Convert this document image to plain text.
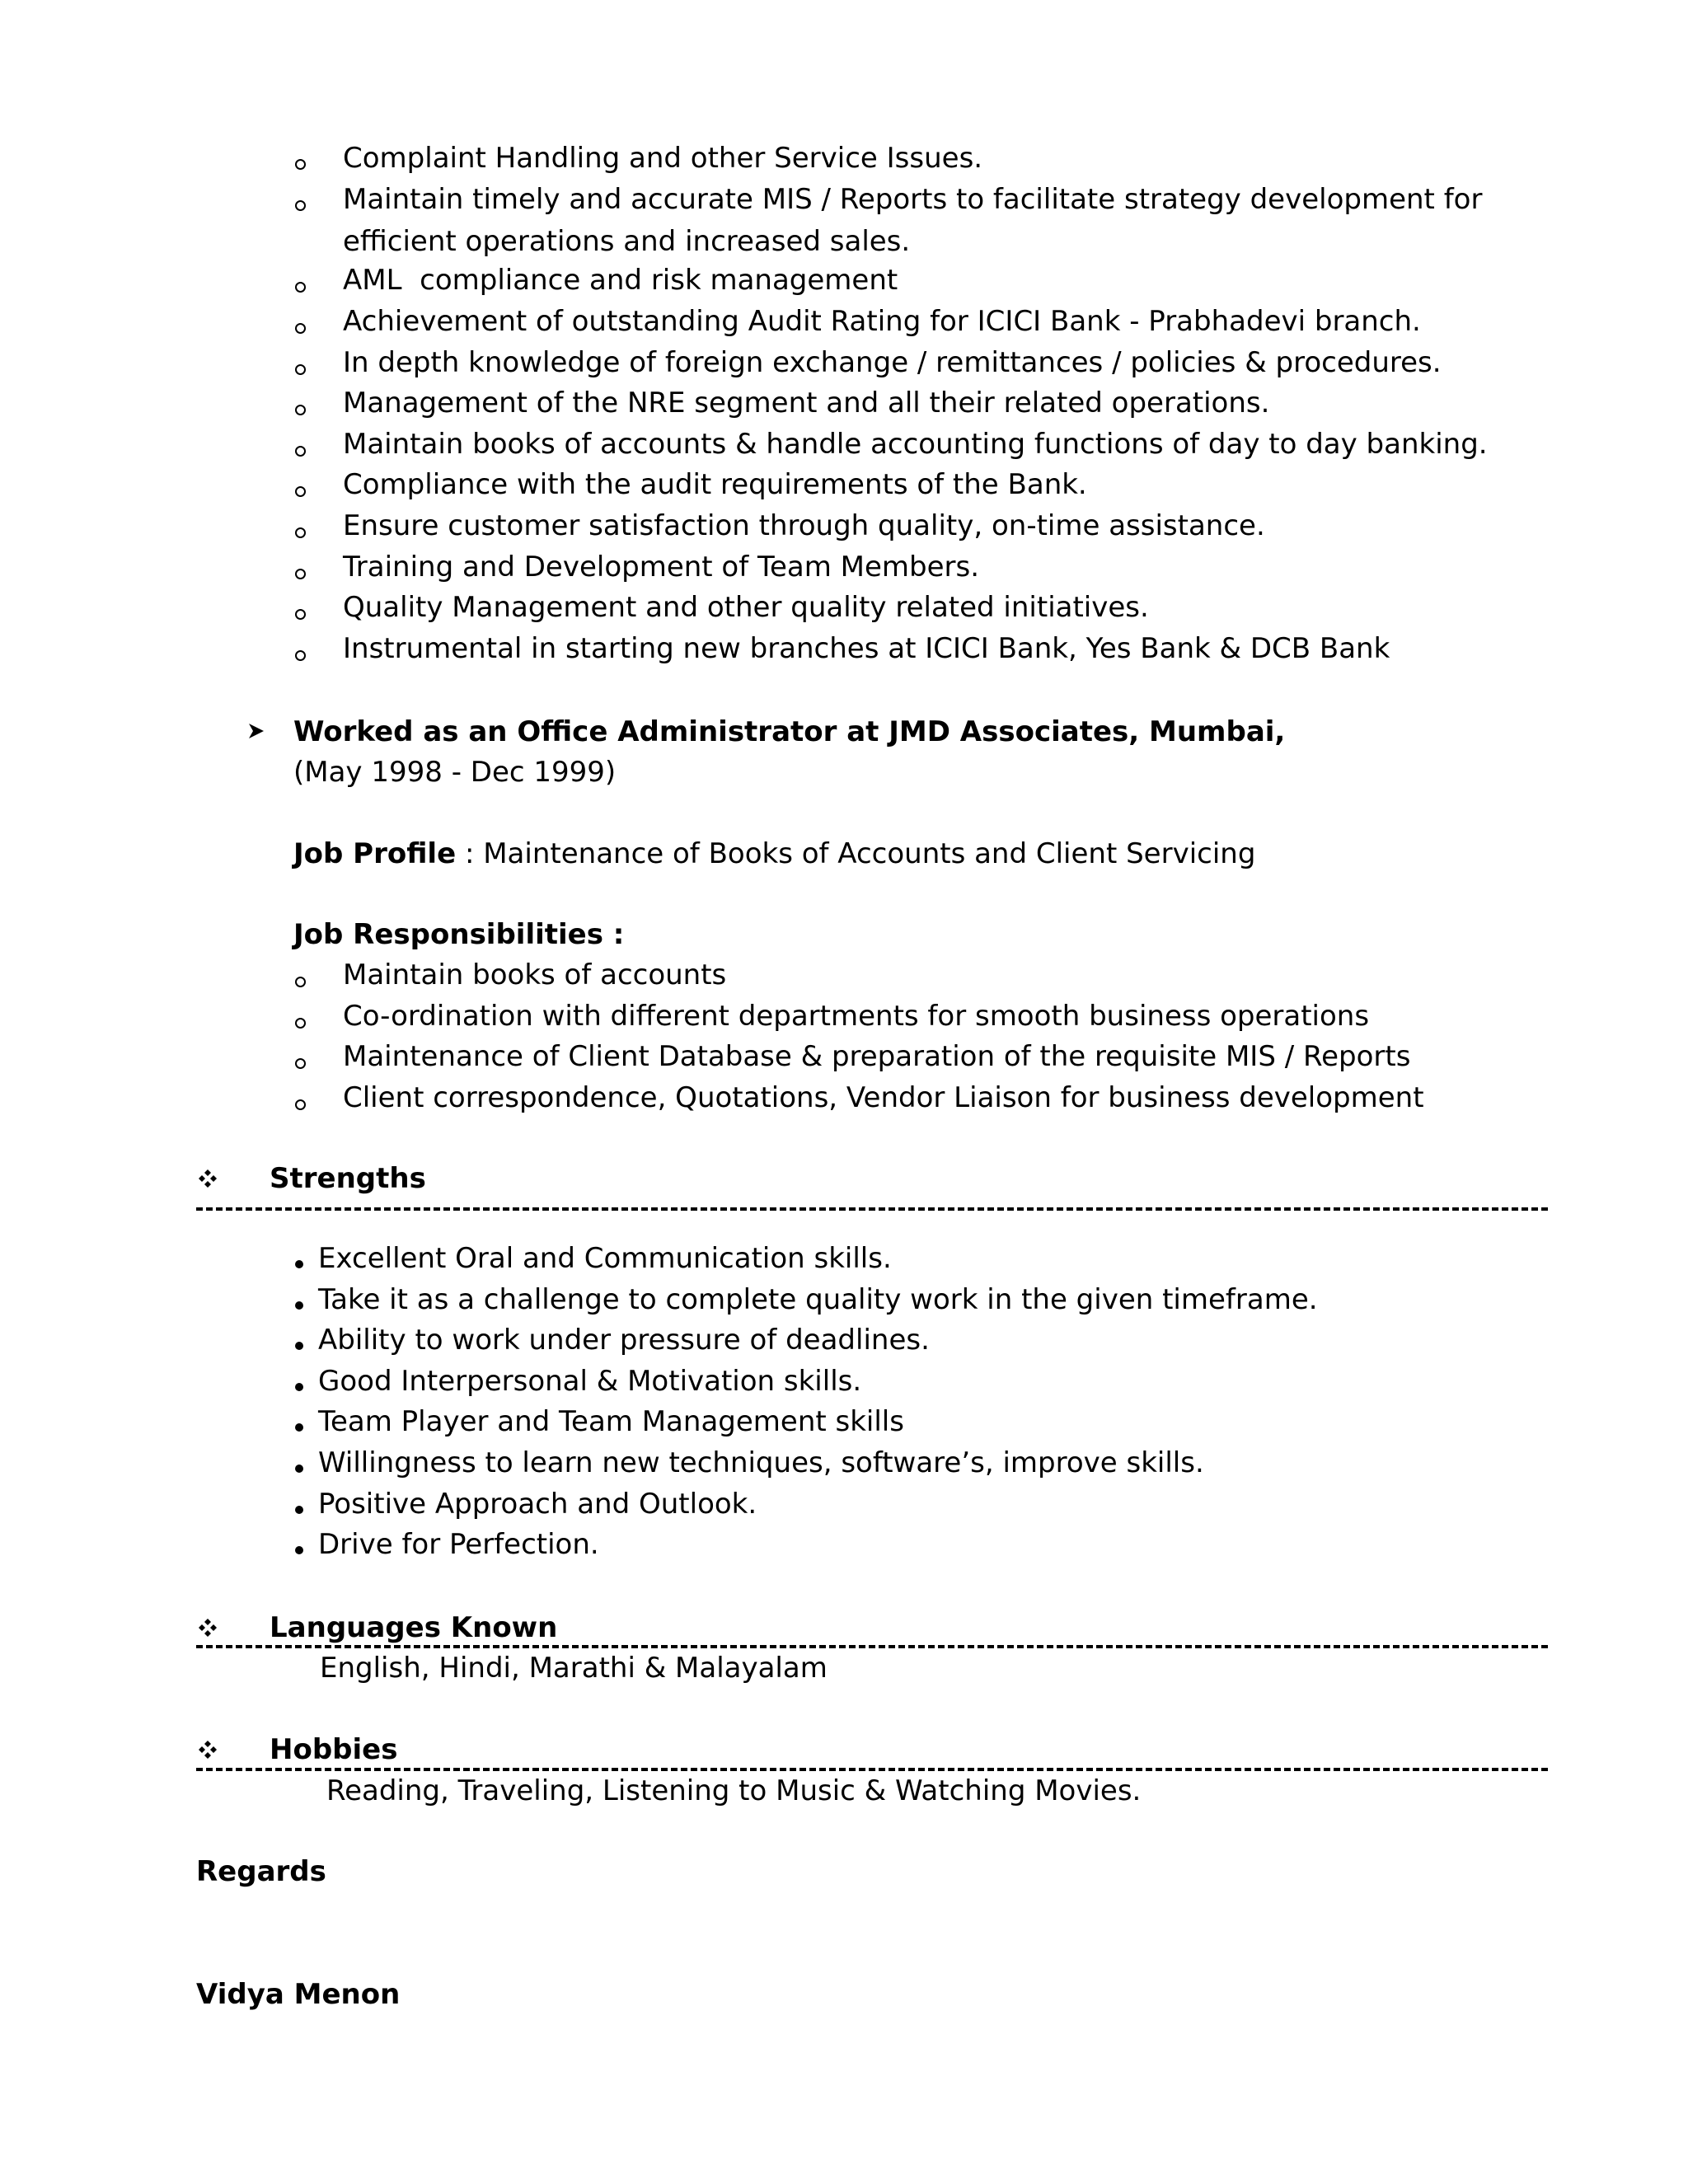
Complaint Handling and other Service Issues.
Maintain timely and accurate MIS / Reports to facilitate strategy development for
efficient operations and increased sales.
AML  compliance and risk management
Achievement of outstanding Audit Rating for ICICI Bank - Prabhadevi branch.
In depth knowledge of foreign exchange / remittances / policies & procedures.
Management of the NRE segment and all their related operations.
Maintain books of accounts & handle accounting functions of day to day banking.
Compliance with the audit requirements of the Bank.
Ensure customer satisfaction through quality, on-time assistance.
Training and Development of Team Members.
Quality Management and other quality related initiatives.
Instrumental in starting new branches at ICICI Bank, Yes Bank & DCB Bank
Worked as an Office Administrator at JMD Associates, Mumbai,
(May 1998 - Dec 1999)
Job Profile : Maintenance of Books of Accounts and Client Servicing
Job Responsibilities :
Maintain books of accounts
Co-ordination with different departments for smooth business operations
Maintenance of Client Database & preparation of the requisite MIS / Reports
Client correspondence, Quotations, Vendor Liaison for business development
Strengths
Excellent Oral and Communication skills.
Take it as a challenge to complete quality work in the given timeframe.
Ability to work under pressure of deadlines.
Good Interpersonal & Motivation skills.
Team Player and Team Management skills
Willingness to learn new techniques, software’s, improve skills.
Positive Approach and Outlook.
Drive for Perfection.
Languages Known
English, Hindi, Marathi & Malayalam
Hobbies
Reading, Traveling, Listening to Music & Watching Movies.
Regards
Vidya Menon
